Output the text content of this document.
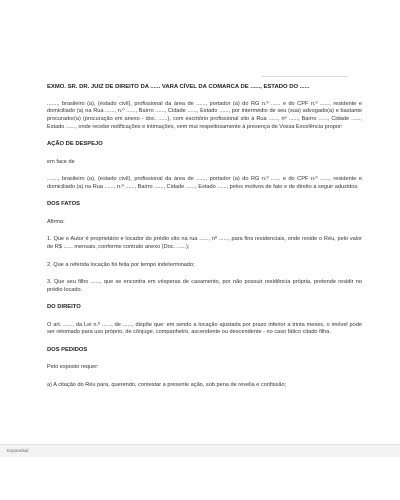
EXMO. SR. DR. JUIZ DE DIREITO DA ...... VARA CÍVEL DA COMARCA DE ......, ESTADO DO ......

......., brasileiro (a), (estado civil), profissional da área de ......, portador (a) do RG n.º ...... e do CPF n.º ......, residente e domiciliado (a) na Rua ......, n.º ......, Bairro ......, Cidade ......, Estado ......, por intermédio de seu (sua) advogado(a) e bastante procurador(a) (procuração em anexo - doc. ......), com escritório profissional sito à Rua ......, nº ......, Bairro ......, Cidade ......, Estado ......, onde recebe notificações e intimações, vem mui respeitosamente à presença de Vossa Excelência propor:

AÇÃO DE DESPEJO

em face de

......., brasileiro (a), (estado civil), profissional da área de ......, portador (a) do RG n.º ...... e do CPF n.º ......, residente e domiciliado (a) na Rua ......, n.º ......, Bairro ......, Cidade ......, Estado ......, pelos motivos de fato e de direito a seguir aduzidos.

DOS FATOS

Afirma:

1. Que o Autor é proprietário e locador do prédio sito na rua ......, nº ......, para fins residenciais, onde reside o Réu, pelo valor de R$ ...... mensais, conforme contrato anexo (Doc. ......);

2. Que a referida locação foi feita por tempo indeterminado;

3. Que seu filho ......, que se encontra em vésperas de casamento, por não possuir residência própria, pretende residir no prédio locado.

DO DIREITO

O art. ......, da Lei n.º ......, de ......, dispõe que: em sendo a locação ajustada por prazo inferior a trinta meses, o imóvel pode ser retomado para uso próprio, de cônjuge, companheiro, ascendente ou descendente - no caso fático citado filha.

DOS PEDIDOS

Pelo exposto requer:

a) A citação do Réu para, querendo, contestar a presente ação, sob pena de revelia e confissão;

Expandsal
